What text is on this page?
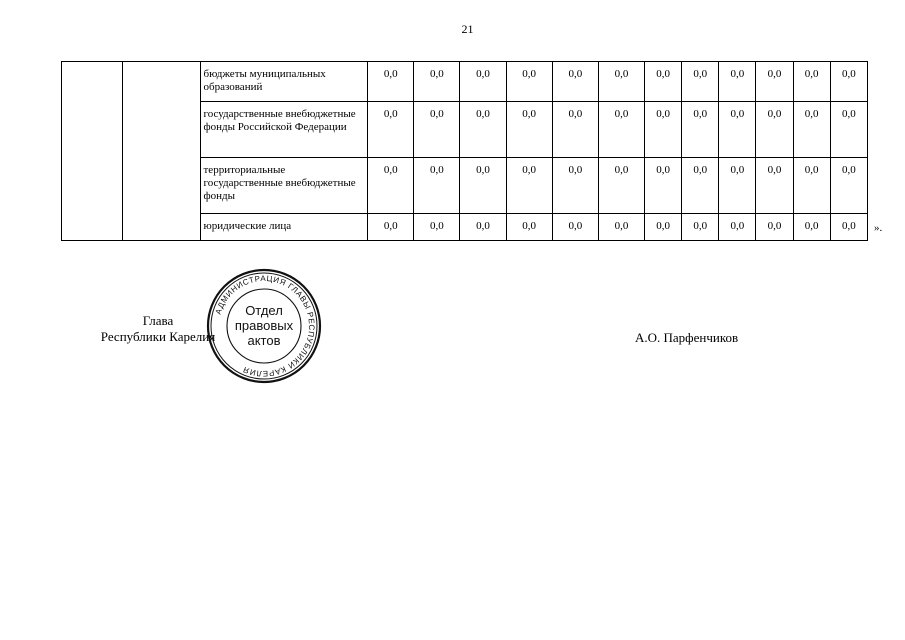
21
		бюджеты муниципальных образований	0,0	0,0	0,0	0,0	0,0	0,0	0,0	0,0	0,0	0,0	0,0	0,0
		государственные внебюджетные фонды Российской Федерации	0,0	0,0	0,0	0,0	0,0	0,0	0,0	0,0	0,0	0,0	0,0	0,0
		территориальные государственные внебюджетные фонды	0,0	0,0	0,0	0,0	0,0	0,0	0,0	0,0	0,0	0,0	0,0	0,0
		юридические лица	0,0	0,0	0,0	0,0	0,0	0,0	0,0	0,0	0,0	0,0	0,0	0,0 ».
Глава
Республики Карелия
АДМИНИСТРАЦИЯ ГЛАВЫ РЕСПУБЛИКИ КАРЕЛИЯ
Отдел
правовых
актов	А.О. Парфенчиков
